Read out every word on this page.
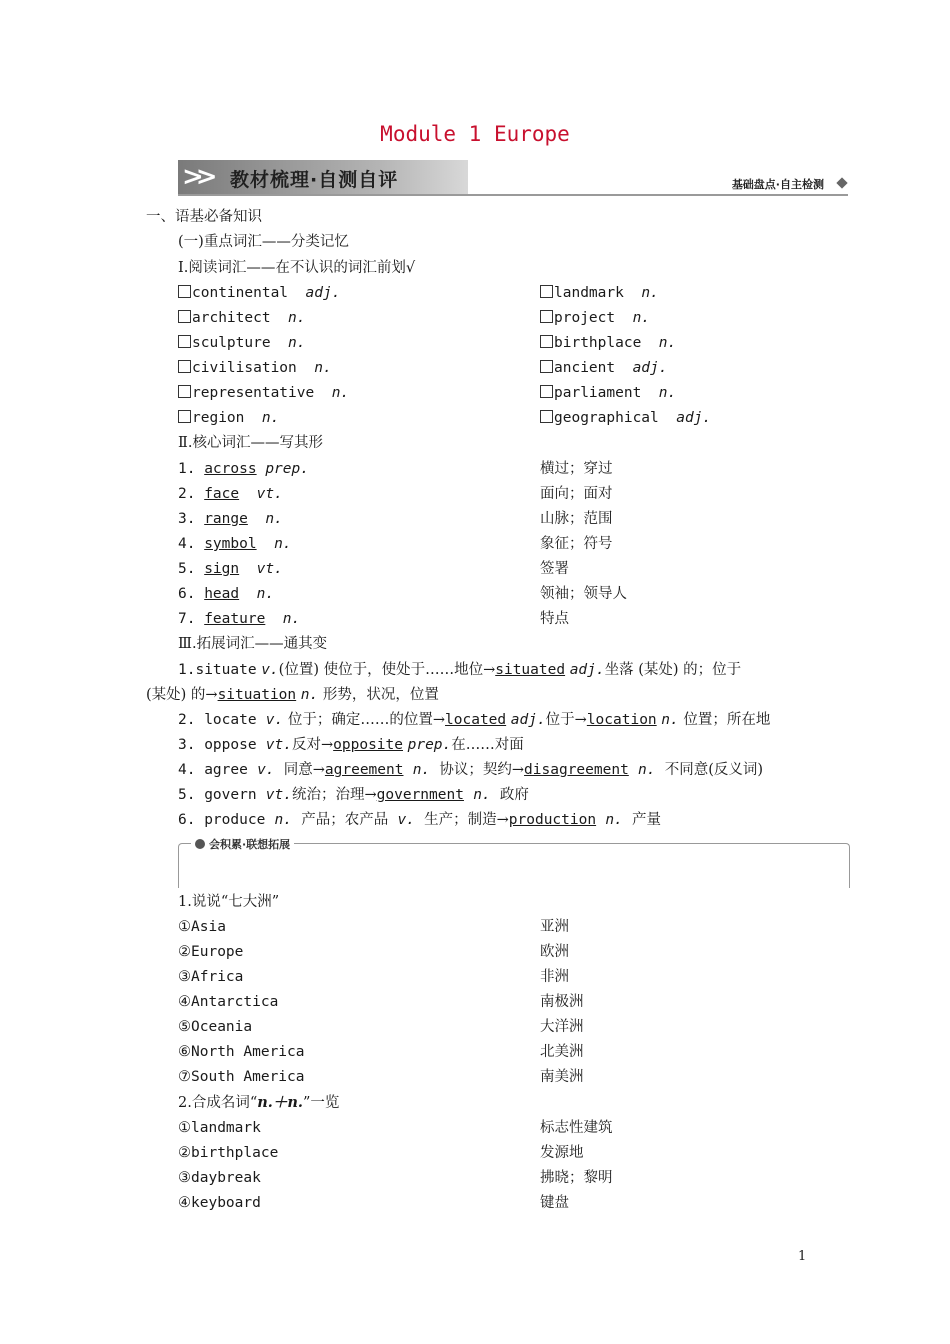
Module 1 Europe
>>	教材梳理·自测自评	基础盘点·自主检测
一、语基必备知识
(一)重点词汇——分类记忆
Ⅰ.阅读词汇——在不认识的词汇前划√
continental adj.	landmark n.
architect n.	project n.
sculpture n.	birthplace n.
civilisation n.	ancient adj.
representative n.	parliament n.
region n.	geographical adj.
Ⅱ.核心词汇——写其形
1. across prep.	横过；穿过
2. face vt.	面向；面对
3. range n.	山脉；范围
4. symbol n.	象征；符号
5. sign vt.	签署
6. head n.	领袖；领导人
7. feature n.	特点
Ⅲ.拓展词汇——通其变
1.situate v.(位置) 使位于，使处于……地位→situated adj.坐落 (某处) 的；位于
(某处) 的→situation n. 形势，状况，位置
2. locate v. 位于；确定……的位置→located adj.位于→location n. 位置；所在地
3. oppose vt.反对→opposite prep.在……对面
4. agree v. 同意→agreement n. 协议；契约→disagreement n. 不同意(反义词)
5. govern vt.统治；治理→government n. 政府
6. produce n. 产品；农产品 v. 生产；制造→production n. 产量
会积累·联想拓展
1.说说“七大洲”
①Asia	亚洲
②Europe	欧洲
③Africa	非洲
④Antarctica	南极洲
⑤Oceania	大洋洲
⑥North America	北美洲
⑦South America	南美洲
2.合成名词“n.＋n.”一览
①landmark	标志性建筑
②birthplace	发源地
③daybreak	拂晓；黎明
④keyboard	键盘
1
